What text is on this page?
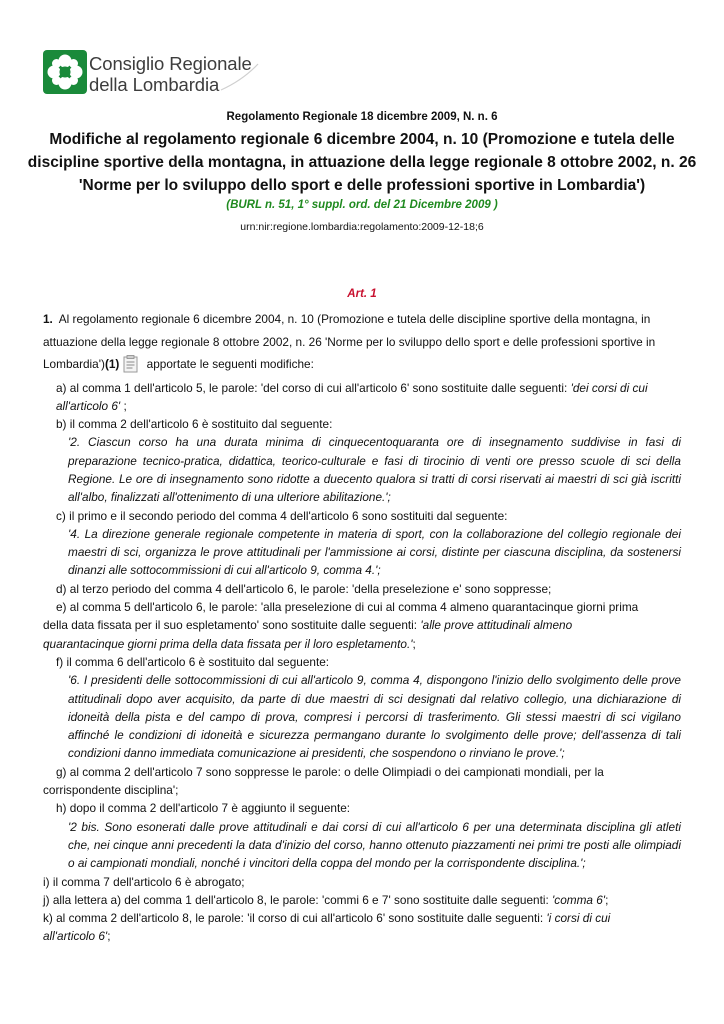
Consiglio Regionale
della Lombardia
Regolamento Regionale 18 dicembre 2009, N. n. 6
Modifiche al regolamento regionale 6 dicembre 2004, n. 10 (Promozione e tutela delle
discipline sportive della montagna, in attuazione della legge regionale 8 ottobre 2002, n. 26
'Norme per lo sviluppo dello sport e delle professioni sportive in Lombardia')
(BURL n. 51, 1° suppl. ord. del 21 Dicembre 2009 )
urn:nir:regione.lombardia:regolamento:2009-12-18;6
Art. 1
1. Al regolamento regionale 6 dicembre 2004, n. 10 (Promozione e tutela delle discipline sportive della montagna, in attuazione della legge regionale 8 ottobre 2002, n. 26 'Norme per lo sviluppo dello sport e delle professioni sportive in Lombardia')(1) apportate le seguenti modifiche:
a) al comma 1 dell'articolo 5, le parole: 'del corso di cui all'articolo 6' sono sostituite dalle seguenti: 'dei corsi di cui
all'articolo 6' ;
b) il comma 2 dell'articolo 6 è sostituito dal seguente:
'2. Ciascun corso ha una durata minima di cinquecentoquaranta ore di insegnamento suddivise in fasi di preparazione tecnico-pratica, didattica, teorico-culturale e fasi di tirocinio di venti ore presso scuole di sci della Regione. Le ore di insegnamento sono ridotte a duecento qualora si tratti di corsi riservati ai maestri di sci già iscritti all'albo, finalizzati all'ottenimento di una ulteriore abilitazione.';
c) il primo e il secondo periodo del comma 4 dell'articolo 6 sono sostituiti dal seguente:
'4. La direzione generale regionale competente in materia di sport, con la collaborazione del collegio regionale dei maestri di sci, organizza le prove attitudinali per l'ammissione ai corsi, distinte per ciascuna disciplina, da sostenersi dinanzi alle sottocommissioni di cui all'articolo 9, comma 4.';
d) al terzo periodo del comma 4 dell'articolo 6, le parole: 'della preselezione e' sono soppresse;
e) al comma 5 dell'articolo 6, le parole: 'alla preselezione di cui al comma 4 almeno quarantacinque giorni prima
della data fissata per il suo espletamento' sono sostituite dalle seguenti: 'alle prove attitudinali almeno
quarantacinque giorni prima della data fissata per il loro espletamento.';
f) il comma 6 dell'articolo 6 è sostituito dal seguente:
'6. I presidenti delle sottocommissioni di cui all'articolo 9, comma 4, dispongono l'inizio dello svolgimento delle prove attitudinali dopo aver acquisito, da parte di due maestri di sci designati dal relativo collegio, una dichiarazione di idoneità della pista e del campo di prova, compresi i percorsi di trasferimento. Gli stessi maestri di sci vigilano affinché le condizioni di idoneità e sicurezza permangano durante lo svolgimento delle prove; dell'assenza di tali condizioni danno immediata comunicazione ai presidenti, che sospendono o rinviano le prove.';
g) al comma 2 dell'articolo 7 sono soppresse le parole: o delle Olimpiadi o dei campionati mondiali, per la
corrispondente disciplina';
h) dopo il comma 2 dell'articolo 7 è aggiunto il seguente:
'2 bis. Sono esonerati dalle prove attitudinali e dai corsi di cui all'articolo 6 per una determinata disciplina gli atleti che, nei cinque anni precedenti la data d'inizio del corso, hanno ottenuto piazzamenti nei primi tre posti alle olimpiadi o ai campionati mondiali, nonché i vincitori della coppa del mondo per la corrispondente disciplina.';
i) il comma 7 dell'articolo 6 è abrogato;
j) alla lettera a) del comma 1 dell'articolo 8, le parole: 'commi 6 e 7' sono sostituite dalle seguenti: 'comma 6';
k) al comma 2 dell'articolo 8, le parole: 'il corso di cui all'articolo 6' sono sostituite dalle seguenti: 'i corsi di cui
all'articolo 6';
